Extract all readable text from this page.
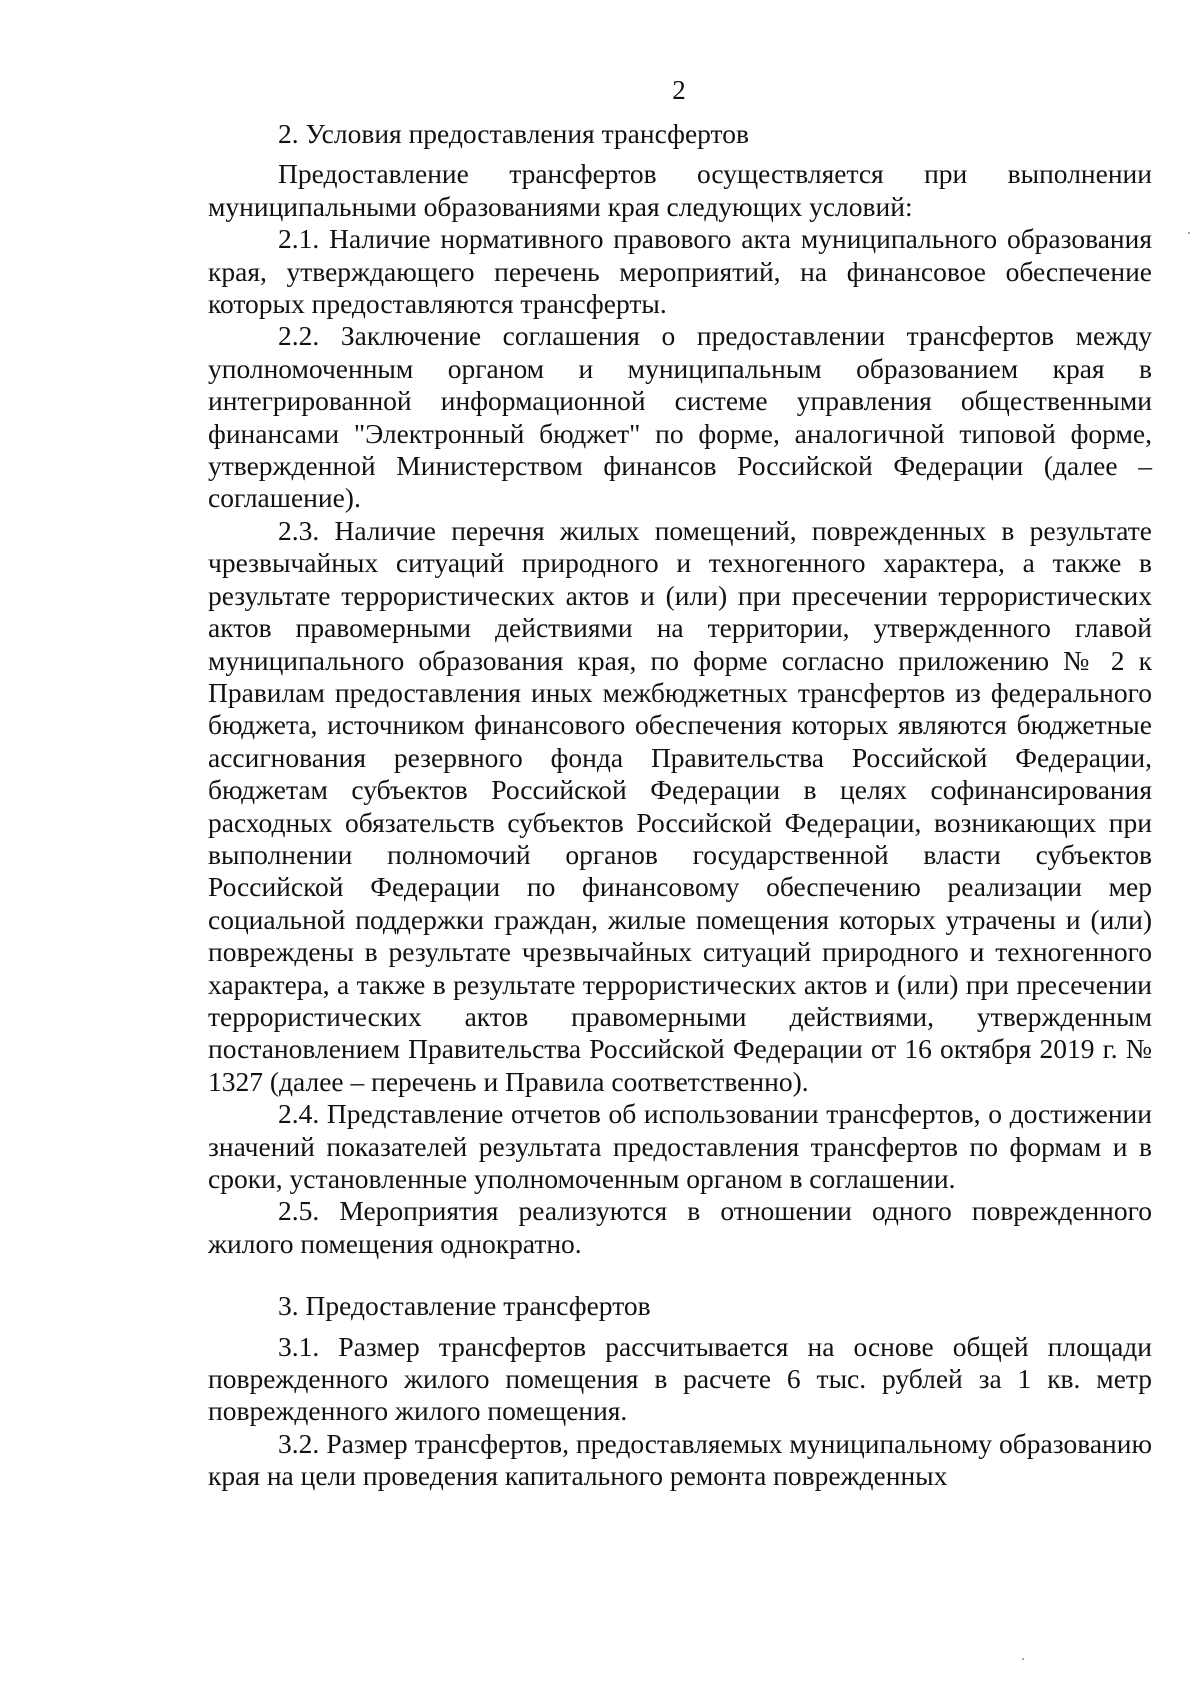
2

2. Условия предоставления трансфертов

Предоставление трансфертов осуществляется при выполнении муниципальными образованиями края следующих условий:

2.1. Наличие нормативного правового акта муниципального образования края, утверждающего перечень мероприятий, на финансовое обеспечение которых предоставляются трансферты.

2.2. Заключение соглашения о предоставлении трансфертов между уполномоченным органом и муниципальным образованием края в интегрированной информационной системе управления общественными финансами "Электронный бюджет" по форме, аналогичной типовой форме, утвержденной Министерством финансов Российской Федерации (далее – соглашение).

2.3. Наличие перечня жилых помещений, поврежденных в результате чрезвычайных ситуаций природного и техногенного характера, а также в результате террористических актов и (или) при пресечении террористических актов правомерными действиями на территории, утвержденного главой муниципального образования края, по форме согласно приложению № 2 к Правилам предоставления иных межбюджетных трансфертов из федерального бюджета, источником финансового обеспечения которых являются бюджетные ассигнования резервного фонда Правительства Российской Федерации, бюджетам субъектов Российской Федерации в целях софинансирования расходных обязательств субъектов Российской Федерации, возникающих при выполнении полномочий органов государственной власти субъектов Российской Федерации по финансовому обеспечению реализации мер социальной поддержки граждан, жилые помещения которых утрачены и (или) повреждены в результате чрезвычайных ситуаций природного и техногенного характера, а также в результате террористических актов и (или) при пресечении террористических актов правомерными действиями, утвержденным постановлением Правительства Российской Федерации от 16 октября 2019 г. № 1327 (далее – перечень и Правила соответственно).

2.4. Представление отчетов об использовании трансфертов, о достижении значений показателей результата предоставления трансфертов по формам и в сроки, установленные уполномоченным органом в соглашении.

2.5. Мероприятия реализуются в отношении одного поврежденного жилого помещения однократно.

3. Предоставление трансфертов

3.1. Размер трансфертов рассчитывается на основе общей площади поврежденного жилого помещения в расчете 6 тыс. рублей за 1 кв. метр поврежденного жилого помещения.

3.2. Размер трансфертов, предоставляемых муниципальному образованию края на цели проведения капитального ремонта поврежденных
